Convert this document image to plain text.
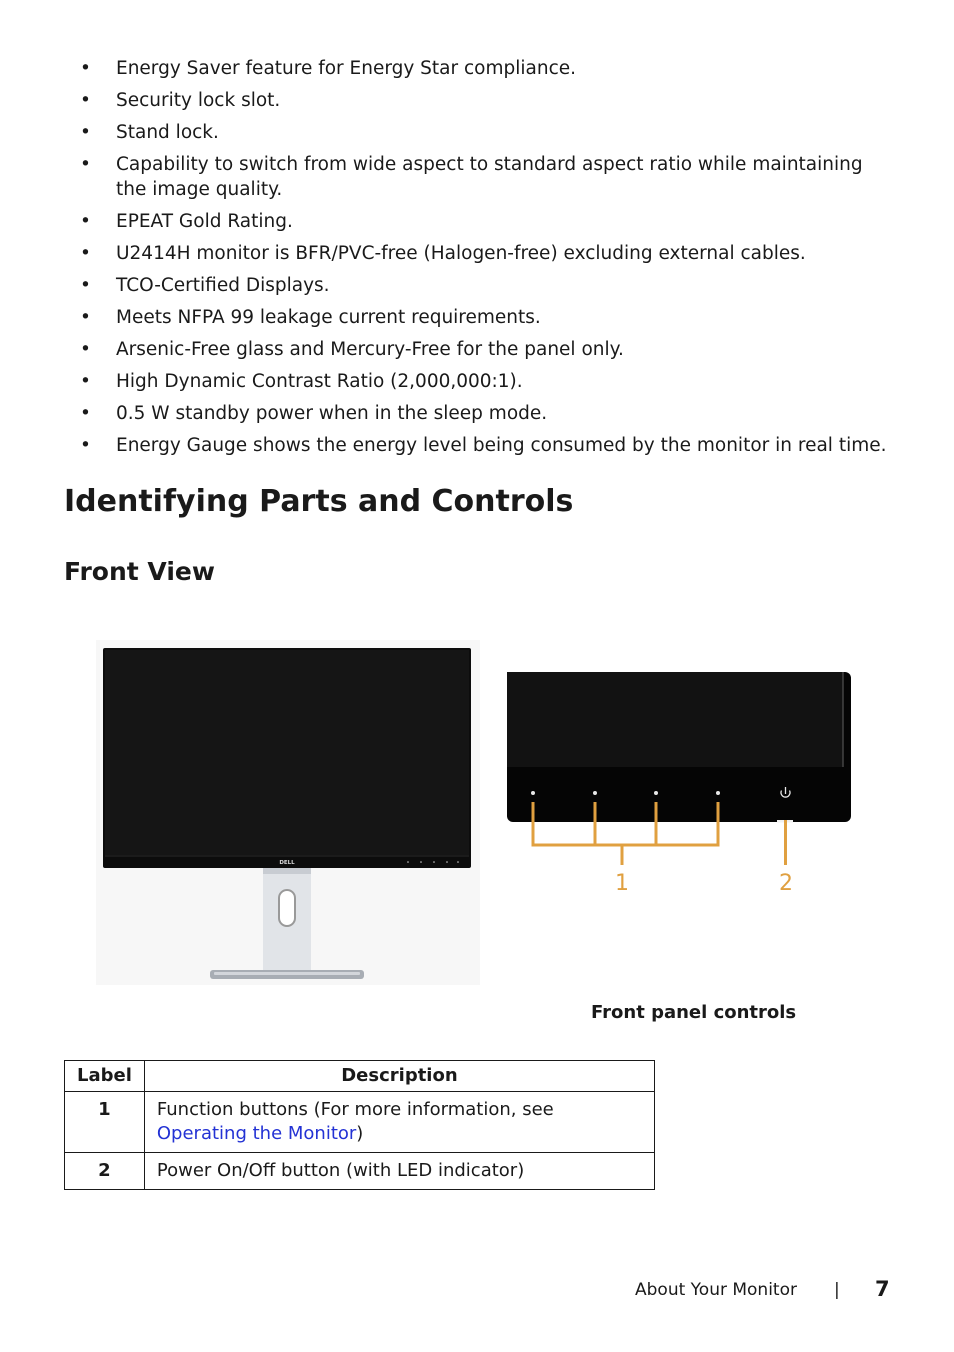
• Energy Saver feature for Energy Star compliance.
• Security lock slot.
• Stand lock.
• Capability to switch from wide aspect to standard aspect ratio while maintaining the image quality.
• EPEAT Gold Rating.
• U2414H monitor is BFR/PVC-free (Halogen-free) excluding external cables.
• TCO-Certified Displays.
• Meets NFPA 99 leakage current requirements.
• Arsenic-Free glass and Mercury-Free for the panel only.
• High Dynamic Contrast Ratio (2,000,000:1).
• 0.5 W standby power when in the sleep mode.
• Energy Gauge shows the energy level being consumed by the monitor in real time.
Identifying Parts and Controls
Front View
DELL
1	2
Front panel controls
Label	Description
1	Function buttons (For more information, see Operating the Monitor)
2	Power On/Off button (with LED indicator)
About Your Monitor | 7
